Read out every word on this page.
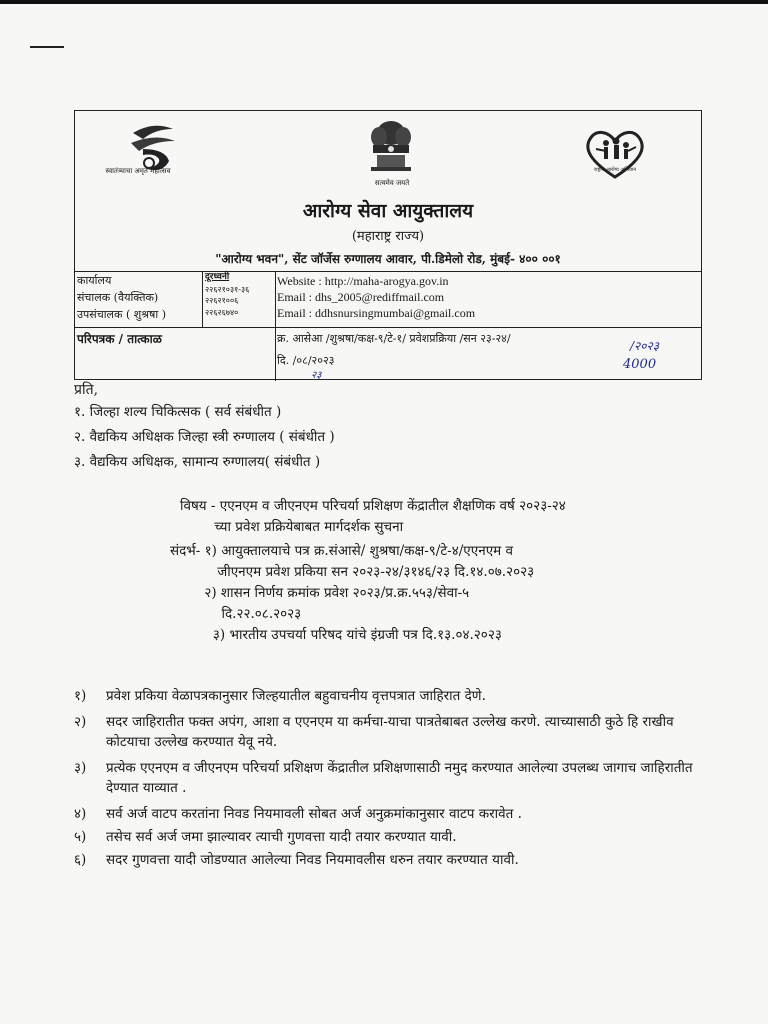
स्वातंत्र्याचा अमृत महोत्सव
सत्यमेव जयते
राष्ट्रीय आरोग्य अभियान
आरोग्य सेवा आयुक्तालय
(महाराष्ट्र राज्य)
"आरोग्य भवन", सेंट जॉर्जेस रुग्णालय आवार, पी.डिमेलो रोड, मुंबई- ४०० ००१
कार्यालय
संचालक (वैयक्तिक)
उपसंचालक ( शुश्रषा )
दूरध्वनी
२२६२१०३१-३६
२२६२१००६
२२६२६७४०
Website : http://maha-arogya.gov.in
Email : dhs_2005@rediffmail.com
Email : ddhsnursingmumbai@gmail.com
परिपत्रक / तात्काळ	क्र. आसेआ /शुश्रषा/कक्ष-९/टे-१/ प्रवेशप्रक्रिया /सन २३-२४/
/२०२३
दि. /०८/२०२३
२३
4000
प्रति,
१. जिल्हा शल्य चिकित्सक ( सर्व संबंधीत )
२. वैद्यकिय अधिक्षक जिल्हा स्त्री रुग्णालय ( संबंधीत )
३. वैद्यकिय अधिक्षक, सामान्य रुग्णालय( संबंधीत )
विषय - एएनएम व जीएनएम परिचर्या प्रशिक्षण केंद्रातील शैक्षणिक वर्ष २०२३-२४
च्या प्रवेश प्रक्रियेबाबत मार्गदर्शक सुचना
संदर्भ- १) आयुक्तालयाचे पत्र क्र.संआसे/ शुश्रषा/कक्ष-९/टे-४/एएनएम व
जीएनएम प्रवेश प्रकिया सन २०२३-२४/३१४६/२३ दि.१४.०७.२०२३
२) शासन निर्णय क्रमांक प्रवेश २०२३/प्र.क्र.५५३/सेवा-५
दि.२२.०८.२०२३
३) भारतीय उपचर्या परिषद यांचे इंग्रजी पत्र दि.१३.०४.२०२३
१) प्रवेश प्रकिया वेळापत्रकानुसार जिल्हयातील बहुवाचनीय वृत्तपत्रात जाहिरात देणे.
२) सदर जाहिरातीत फक्त अपंग, आशा व एएनएम या कर्मचा-याचा पात्रतेबाबत उल्लेख करणे. त्याच्यासाठी कुठे हि राखीव कोटयाचा उल्लेख करण्यात येवू नये.
३) प्रत्येक एएनएम व जीएनएम परिचर्या प्रशिक्षण केंद्रातील प्रशिक्षणासाठी नमुद करण्यात आलेल्या उपलब्ध जागाच जाहिरातीत देण्यात याव्यात .
४) सर्व अर्ज वाटप करतांना निवड नियमावली सोबत अर्ज अनुक्रमांकानुसार वाटप करावेत .
५) तसेच सर्व अर्ज जमा झाल्यावर त्याची गुणवत्ता यादी तयार करण्यात यावी.
६) सदर गुणवत्ता यादी जोडण्यात आलेल्या निवड नियमावलीस धरुन तयार करण्यात यावी.
